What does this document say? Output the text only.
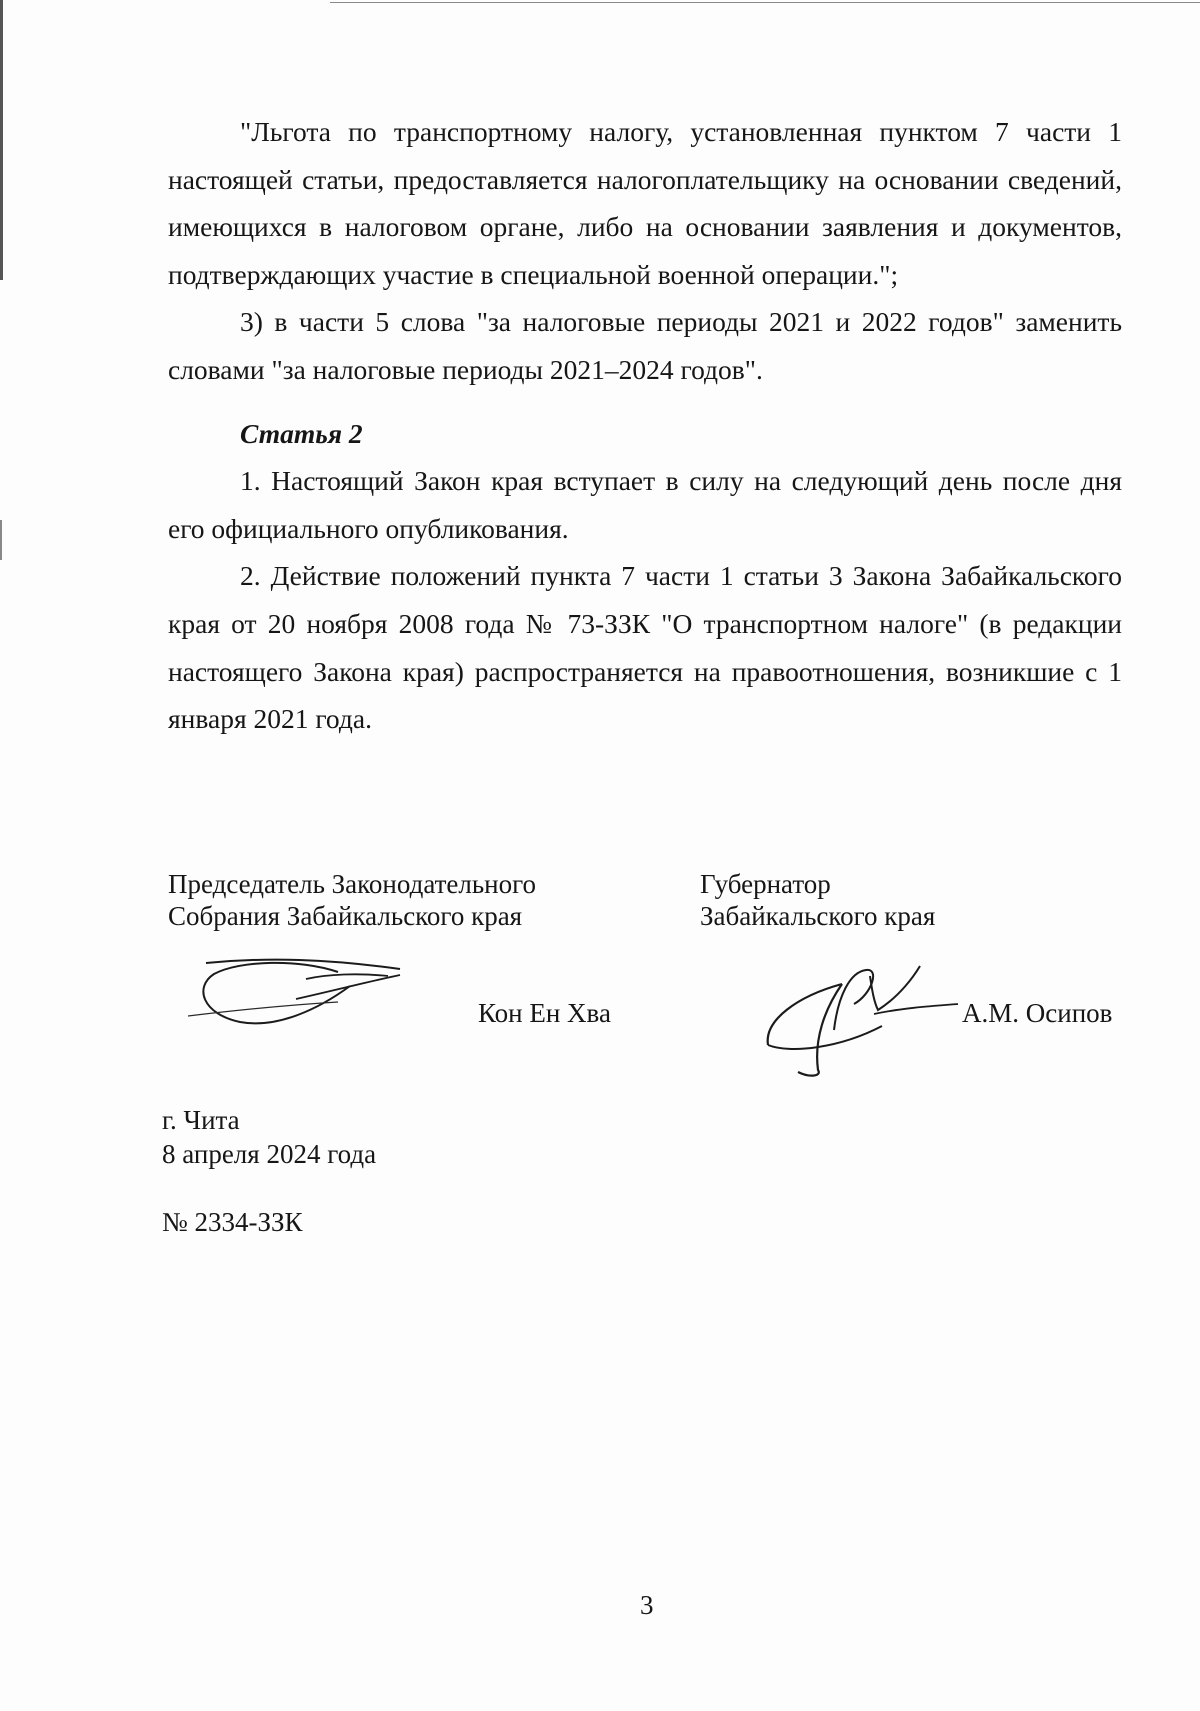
"Льгота по транспортному налогу, установленная пунктом 7 части 1 настоящей статьи, предоставляется налогоплательщику на основании сведений, имеющихся в налоговом органе, либо на основании заявления и документов, подтверждающих участие в специальной военной операции.";

3) в части 5 слова "за налоговые периоды 2021 и 2022 годов" заменить словами "за налоговые периоды 2021–2024 годов".

Статья 2

1. Настоящий Закон края вступает в силу на следующий день после дня его официального опубликования.

2. Действие положений пункта 7 части 1 статьи 3 Закона Забайкальского края от 20 ноября 2008 года № 73-ЗЗК "О транспортном налоге" (в редакции настоящего Закона края) распространяется на правоотношения, возникшие с 1 января 2021 года.

Председатель Законодательного
Собрания Забайкальского края
Кон Ен Хва
Губернатор
Забайкальского края
А.М. Осипов
г. Чита
8 апреля 2024 года
№ 2334-ЗЗК
3
